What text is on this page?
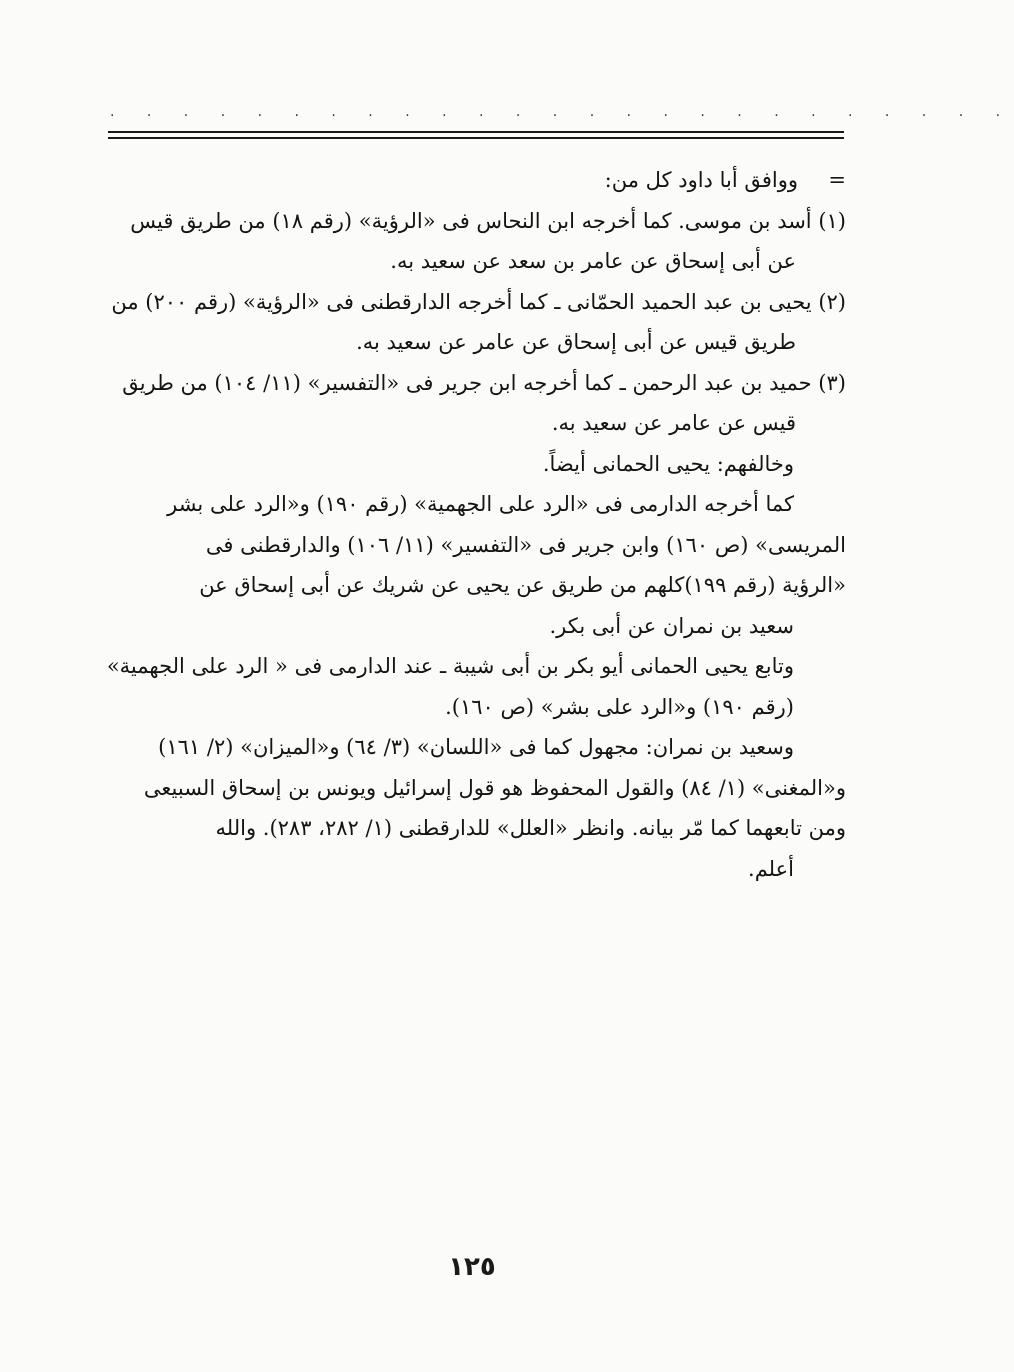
. . . . . . . . . . . . . . . . . . . . . . . . .
=
ووافق أبا داود كل من:
(١) أسد بن موسى. كما أخرجه ابن النحاس فى «الرؤية» (رقم ١٨) من طريق قيس
عن أبى إسحاق عن عامر بن سعد عن سعيد به.
(٢) يحيى بن عبد الحميد الحمّانى ـ كما أخرجه الدارقطنى فى «الرؤية» (رقم ٢٠٠) من
طريق قيس عن أبى إسحاق عن عامر عن سعيد به.
(٣) حميد بن عبد الرحمن ـ كما أخرجه ابن جرير فى «التفسير» (١١/ ١٠٤) من طريق
قيس عن عامر عن سعيد به.
وخالفهم: يحيى الحمانى أيضاً.
كما أخرجه الدارمى فى «الرد على الجهمية» (رقم ١٩٠) و«الرد على بشر
المريسى» (ص ١٦٠) وابن جرير فى «التفسير» (١١/ ١٠٦) والدارقطنى فى
«الرؤية (رقم ١٩٩)كلهم من طريق عن يحيى عن شريك عن أبى إسحاق عن
سعيد بن نمران عن أبى بكر.
وتابع يحيى الحمانى أيو بكر بن أبى شيبة ـ عند الدارمى فى « الرد على الجهمية»
(رقم ١٩٠) و«الرد على بشر» (ص ١٦٠).
وسعيد بن نمران: مجهول كما فى «اللسان» (٣/ ٦٤) و«الميزان» (٢/ ١٦١)
و«المغنى» (١/ ٨٤) والقول المحفوظ هو قول إسرائيل ويونس بن إسحاق السبيعى
ومن تابعهما كما مّر بيانه. وانظر «العلل» للدارقطنى (١/ ٢٨٢، ٢٨٣). والله
أعلم.
١٢٥
